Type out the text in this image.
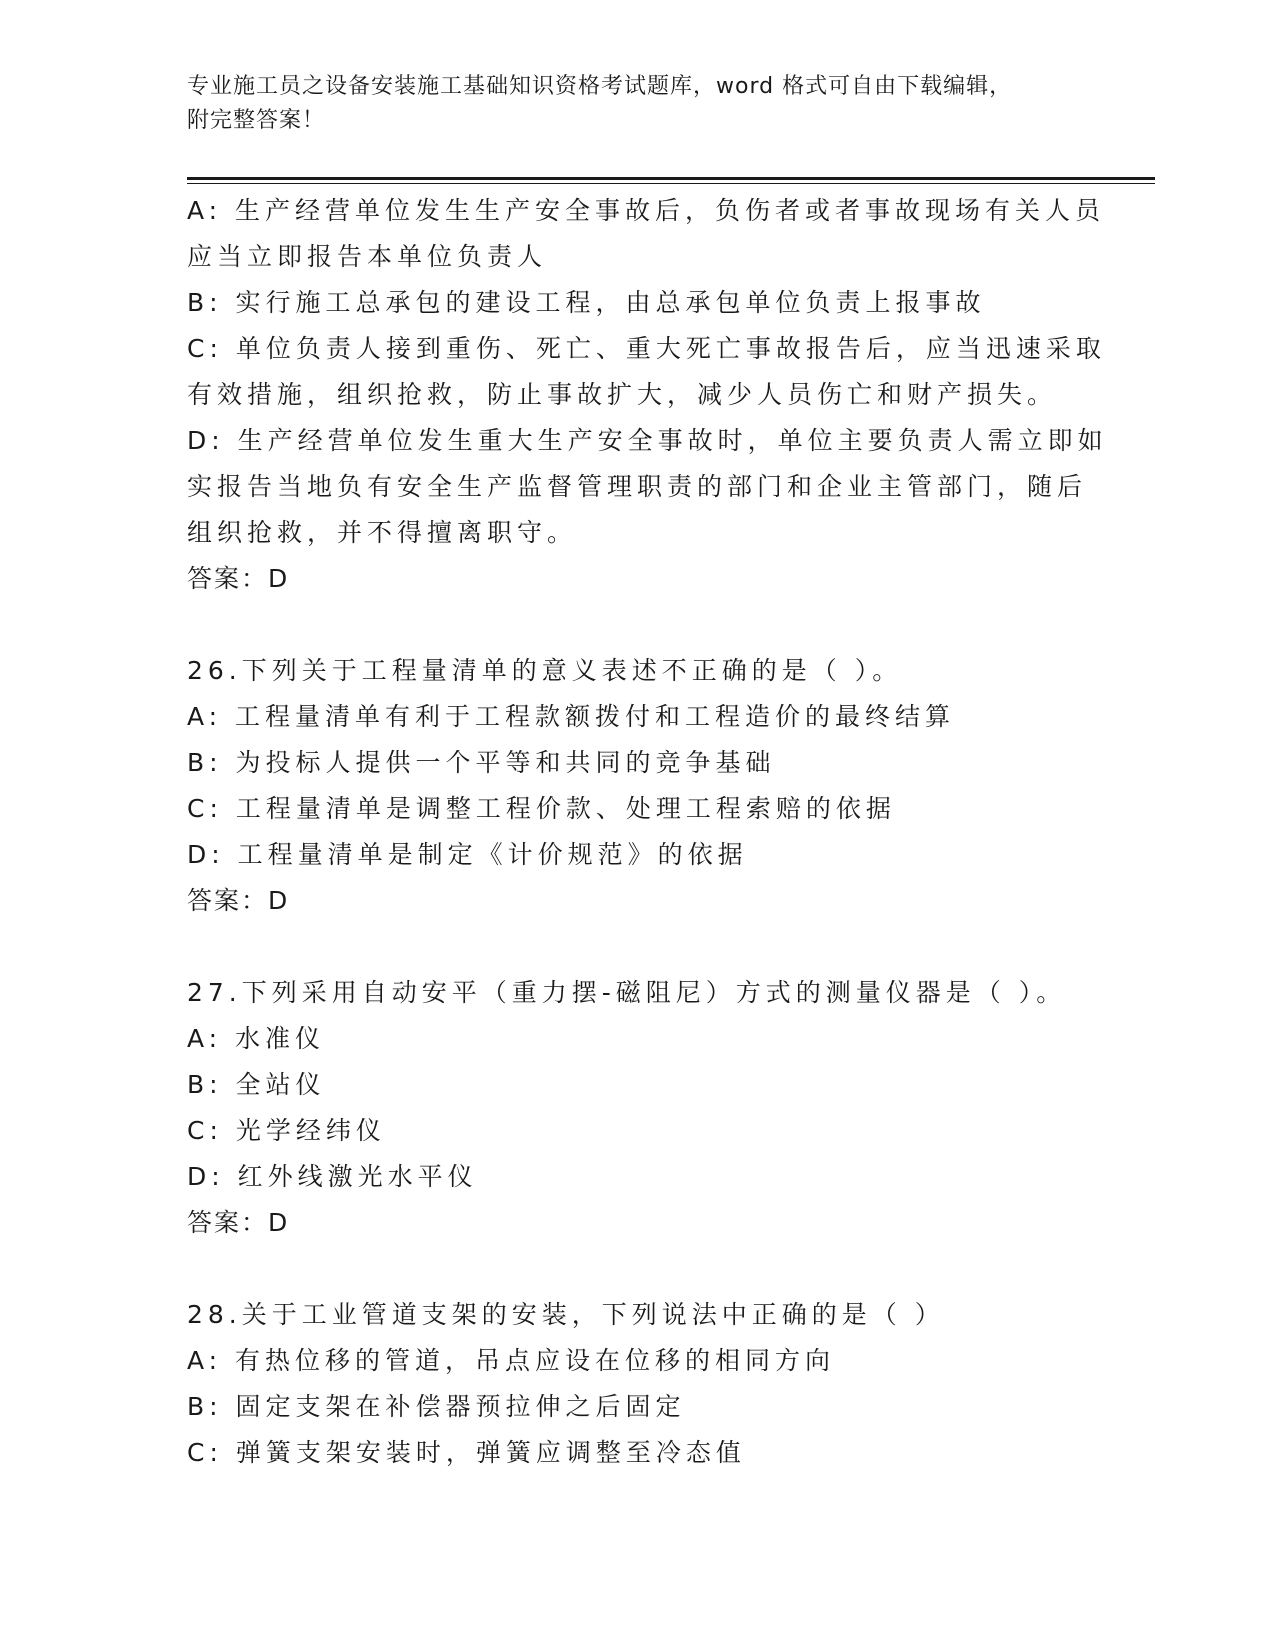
专业施工员之设备安装施工基础知识资格考试题库，word 格式可自由下载编辑，
附完整答案！
A: 生产经营单位发生生产安全事故后，负伤者或者事故现场有关人员
应当立即报告本单位负责人
B: 实行施工总承包的建设工程，由总承包单位负责上报事故
C: 单位负责人接到重伤、死亡、重大死亡事故报告后，应当迅速采取
有效措施，组织抢救，防止事故扩大，减少人员伤亡和财产损失。
D: 生产经营单位发生重大生产安全事故时，单位主要负责人需立即如
实报告当地负有安全生产监督管理职责的部门和企业主管部门，随后
组织抢救，并不得擅离职守。
答案：D
26.下列关于工程量清单的意义表述不正确的是（ ）。
A: 工程量清单有利于工程款额拨付和工程造价的最终结算
B: 为投标人提供一个平等和共同的竞争基础
C: 工程量清单是调整工程价款、处理工程索赔的依据
D: 工程量清单是制定《计价规范》的依据
答案：D
27.下列采用自动安平（重力摆-磁阻尼）方式的测量仪器是（ ）。
A: 水准仪
B: 全站仪
C: 光学经纬仪
D: 红外线激光水平仪
答案：D
28.关于工业管道支架的安装，下列说法中正确的是（ ）
A: 有热位移的管道，吊点应设在位移的相同方向
B: 固定支架在补偿器预拉伸之后固定
C: 弹簧支架安装时，弹簧应调整至冷态值
